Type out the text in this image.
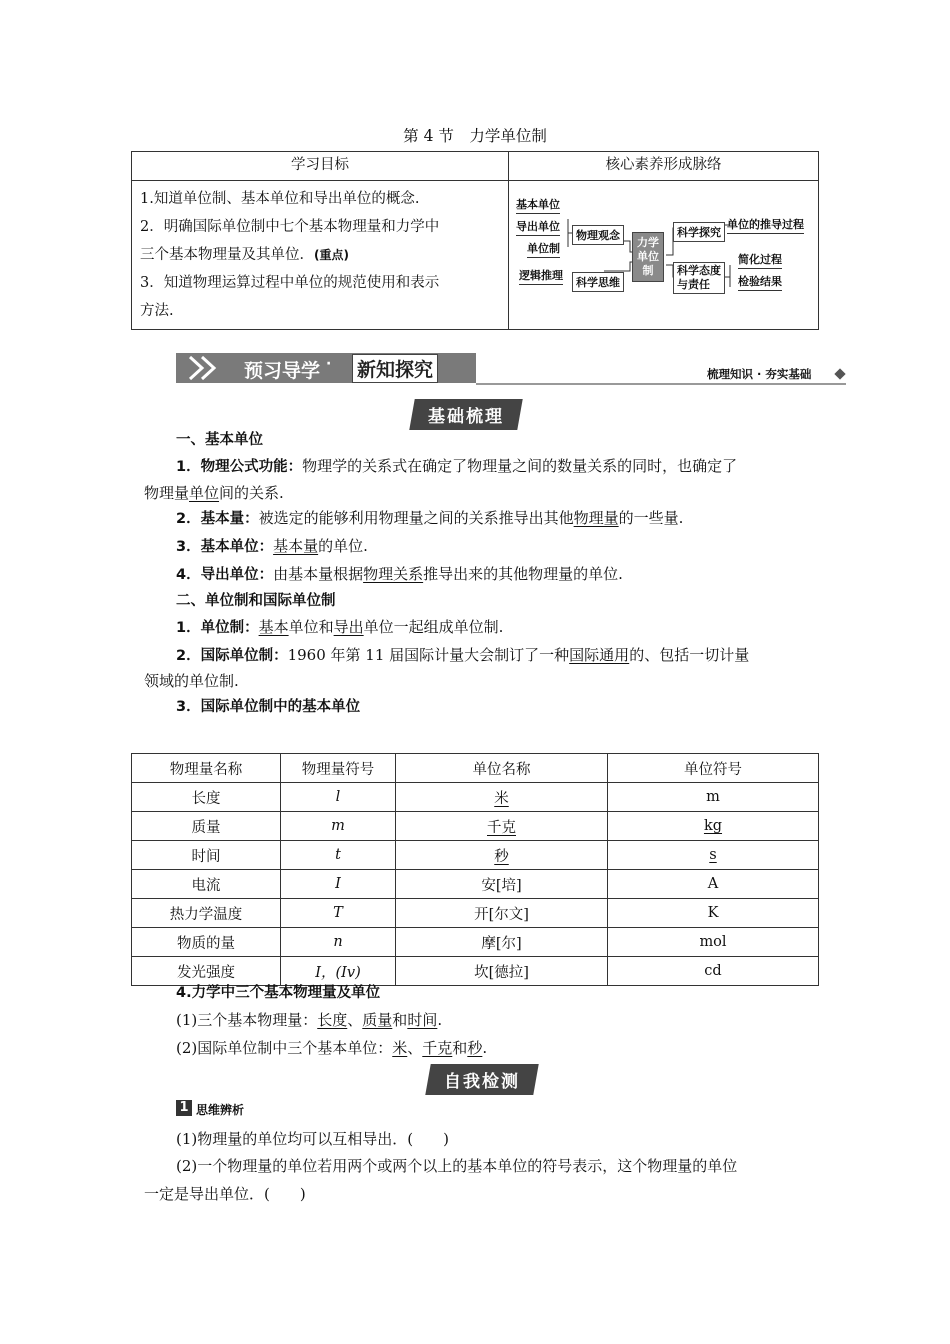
第 4 节　力学单位制
学习目标	核心素养形成脉络

1.知道单位制、基本单位和导出单位的概念.
2．明确国际单位制中七个基本物理量和力学中
三个基本物理量及其单位．(重点)
3．知道物理运算过程中单位的规范使用和表示
方法.	

基本单位
导出单位
单位制
物理观念
逻辑推理
科学思维
力学
单位
制
科学探究
单位的推导过程
科学态度
与责任
简化过程
检验结果
预习导学 · 新知探究	梳理知识 · 夯实基础
基础梳理
一、基本单位
1．物理公式功能：物理学的关系式在确定了物理量之间的数量关系的同时，也确定了
物理量单位间的关系.
2．基本量：被选定的能够利用物理量之间的关系推导出其他物理量的一些量.
3．基本单位：基本量的单位.
4．导出单位：由基本量根据物理关系推导出来的其他物理量的单位.
二、单位制和国际单位制
1．单位制：基本单位和导出单位一起组成单位制.
2．国际单位制：1960 年第 11 届国际计量大会制订了一种国际通用的、包括一切计量
领域的单位制.
3．国际单位制中的基本单位
物理量名称	物理量符号	单位名称	单位符号
长度	l	米	m
质量	m	千克	kg
时间	t	秒	s
电流	I	安[培]	A
热力学温度	T	开[尔文]	K
物质的量	n	摩[尔]	mol
发光强度	I，(Iv)	坎[德拉]	cd
4.力学中三个基本物理量及单位
(1)三个基本物理量：长度、质量和时间.
(2)国际单位制中三个基本单位：米、千克和秒.
自我检测
1 思维辨析
(1)物理量的单位均可以互相导出．(　　)
(2)一个物理量的单位若用两个或两个以上的基本单位的符号表示，这个物理量的单位
一定是导出单位．(　　)
